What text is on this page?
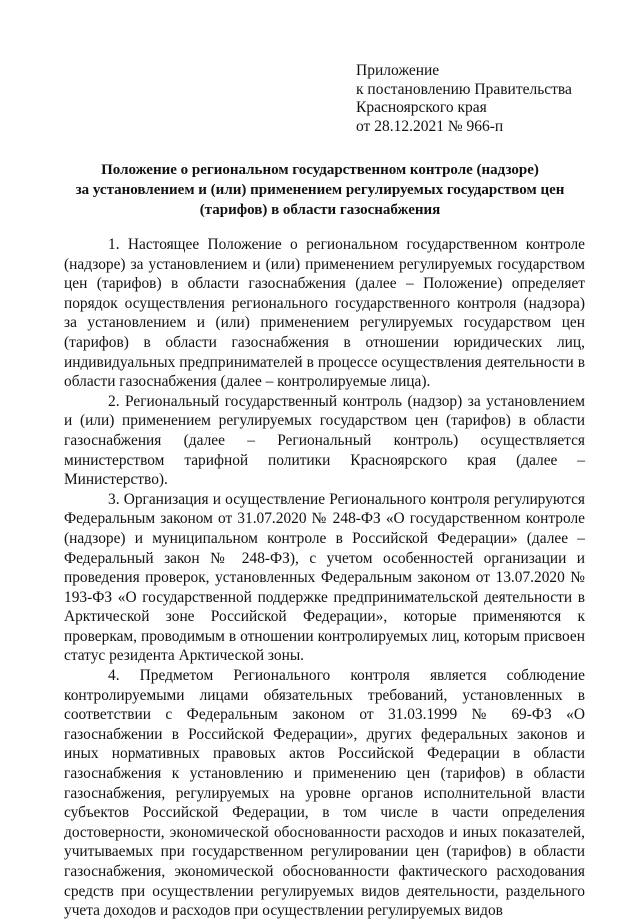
Приложение
к постановлению Правительства
Красноярского края
от 28.12.2021 № 966-п
Положение о региональном государственном контроле (надзоре)
за установлением и (или) применением регулируемых государством цен
(тарифов) в области газоснабжения

1. Настоящее Положение о региональном государственном контроле (надзоре) за установлением и (или) применением регулируемых государством цен (тарифов) в области газоснабжения (далее – Положение) определяет порядок осуществления регионального государственного контроля (надзора) за установлением и (или) применением регулируемых государством цен (тарифов) в области газоснабжения в отношении юридических лиц, индивидуальных предпринимателей в процессе осуществления деятельности в области газоснабжения (далее – контролируемые лица).

2. Региональный государственный контроль (надзор) за установлением и (или) применением регулируемых государством цен (тарифов) в области газоснабжения (далее – Региональный контроль) осуществляется министерством тарифной политики Красноярского края (далее – Министерство).

3. Организация и осуществление Регионального контроля регулируются Федеральным законом от 31.07.2020 № 248-ФЗ «О государственном контроле (надзоре) и муниципальном контроле в Российской Федерации» (далее – Федеральный закон № 248-ФЗ), с учетом особенностей организации и проведения проверок, установленных Федеральным законом от 13.07.2020 № 193-ФЗ «О государственной поддержке предпринимательской деятельности в Арктической зоне Российской Федерации», которые применяются к проверкам, проводимым в отношении контролируемых лиц, которым присвоен статус резидента Арктической зоны.

4. Предметом Регионального контроля является соблюдение контролируемыми лицами обязательных требований, установленных в соответствии с Федеральным законом от 31.03.1999 № 69-ФЗ «О газоснабжении в Российской Федерации», других федеральных законов и иных нормативных правовых актов Российской Федерации в области газоснабжения к установлению и применению цен (тарифов) в области газоснабжения, регулируемых на уровне органов исполнительной власти субъектов Российской Федерации, в том числе в части определения достоверности, экономической обоснованности расходов и иных показателей, учитываемых при государственном регулировании цен (тарифов) в области газоснабжения, экономической обоснованности фактического расходования средств при осуществлении регулируемых видов деятельности, раздельного учета доходов и расходов при осуществлении регулируемых видов
